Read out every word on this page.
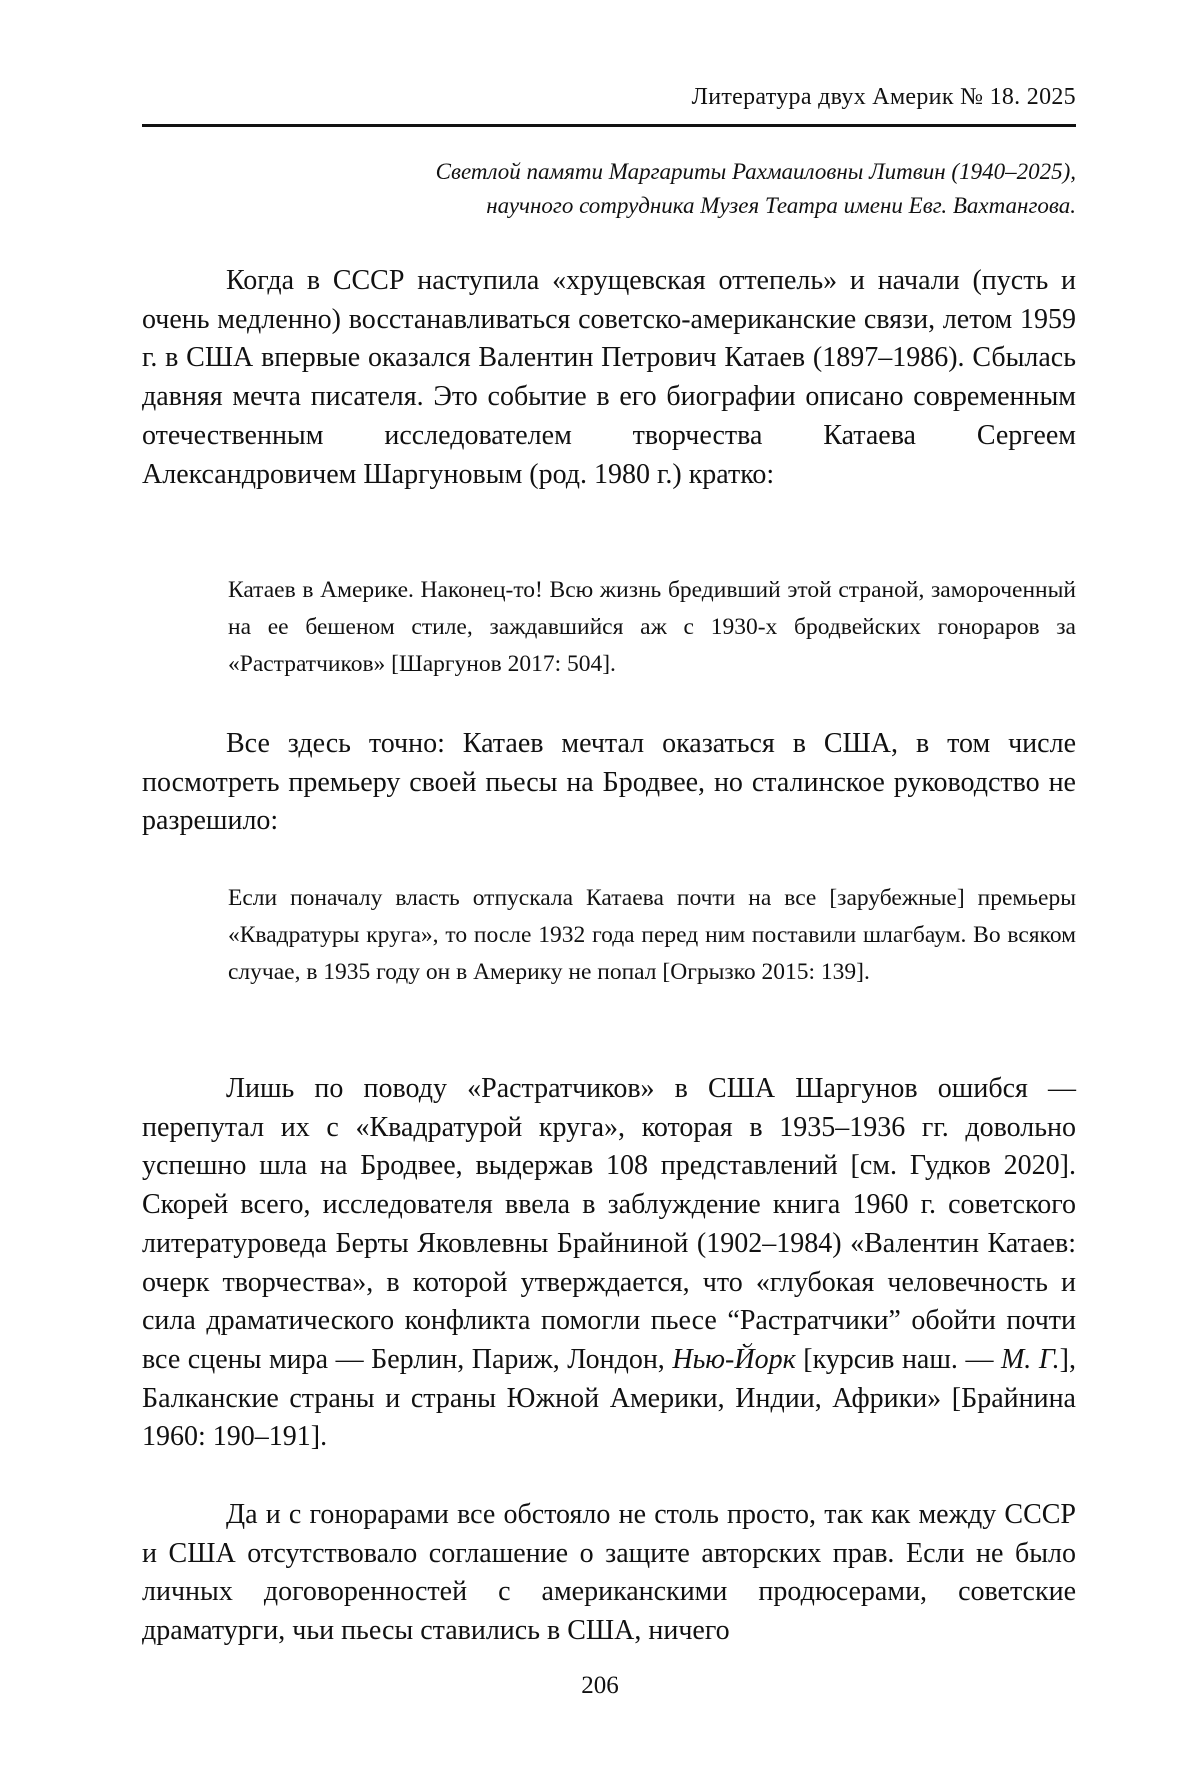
Литература двух Америк № 18. 2025
Светлой памяти Маргариты Рахмаиловны Литвин (1940–2025),
научного сотрудника Музея Театра имени Евг. Вахтангова.

Когда в СССР наступила «хрущевская оттепель» и начали (пусть и очень медленно) восстанавливаться советско-американские связи, летом 1959 г. в США впервые оказался Валентин Петрович Катаев (1897–1986). Сбылась давняя мечта писателя. Это событие в его биографии описано современным отечественным исследователем творчества Катаева Сергеем Александровичем Шаргуновым (род. 1980 г.) кратко:

Катаев в Америке. Наконец-то! Всю жизнь бредивший этой страной, замороченный на ее бешеном стиле, заждавшийся аж с 1930-х бродвейских гонораров за «Растратчиков» [Шаргунов 2017: 504].

Все здесь точно: Катаев мечтал оказаться в США, в том числе посмотреть премьеру своей пьесы на Бродвее, но сталинское руководство не разрешило:

Если поначалу власть отпускала Катаева почти на все [зарубежные] премьеры «Квадратуры круга», то после 1932 года перед ним поставили шлагбаум. Во всяком случае, в 1935 году он в Америку не попал [Огрызко 2015: 139].

Лишь по поводу «Растратчиков» в США Шаргунов ошибся — перепутал их с «Квадратурой круга», которая в 1935–1936 гг. довольно успешно шла на Бродвее, выдержав 108 представлений [см. Гудков 2020]. Скорей всего, исследователя ввела в заблуждение книга 1960 г. советского литературоведа Берты Яковлевны Брайниной (1902–1984) «Валентин Катаев: очерк творчества», в которой утверждается, что «глубокая человечность и сила драматического конфликта помогли пьесе “Растратчики” обойти почти все сцены мира — Берлин, Париж, Лондон, Нью-Йорк [курсив наш. — М. Г.], Балканские страны и страны Южной Америки, Индии, Африки» [Брайнина 1960: 190–191].

Да и с гонорарами все обстояло не столь просто, так как между СССР и США отсутствовало соглашение о защите авторских прав. Если не было личных договоренностей с американскими продюсерами, советские драматурги, чьи пьесы ставились в США, ничего

206
